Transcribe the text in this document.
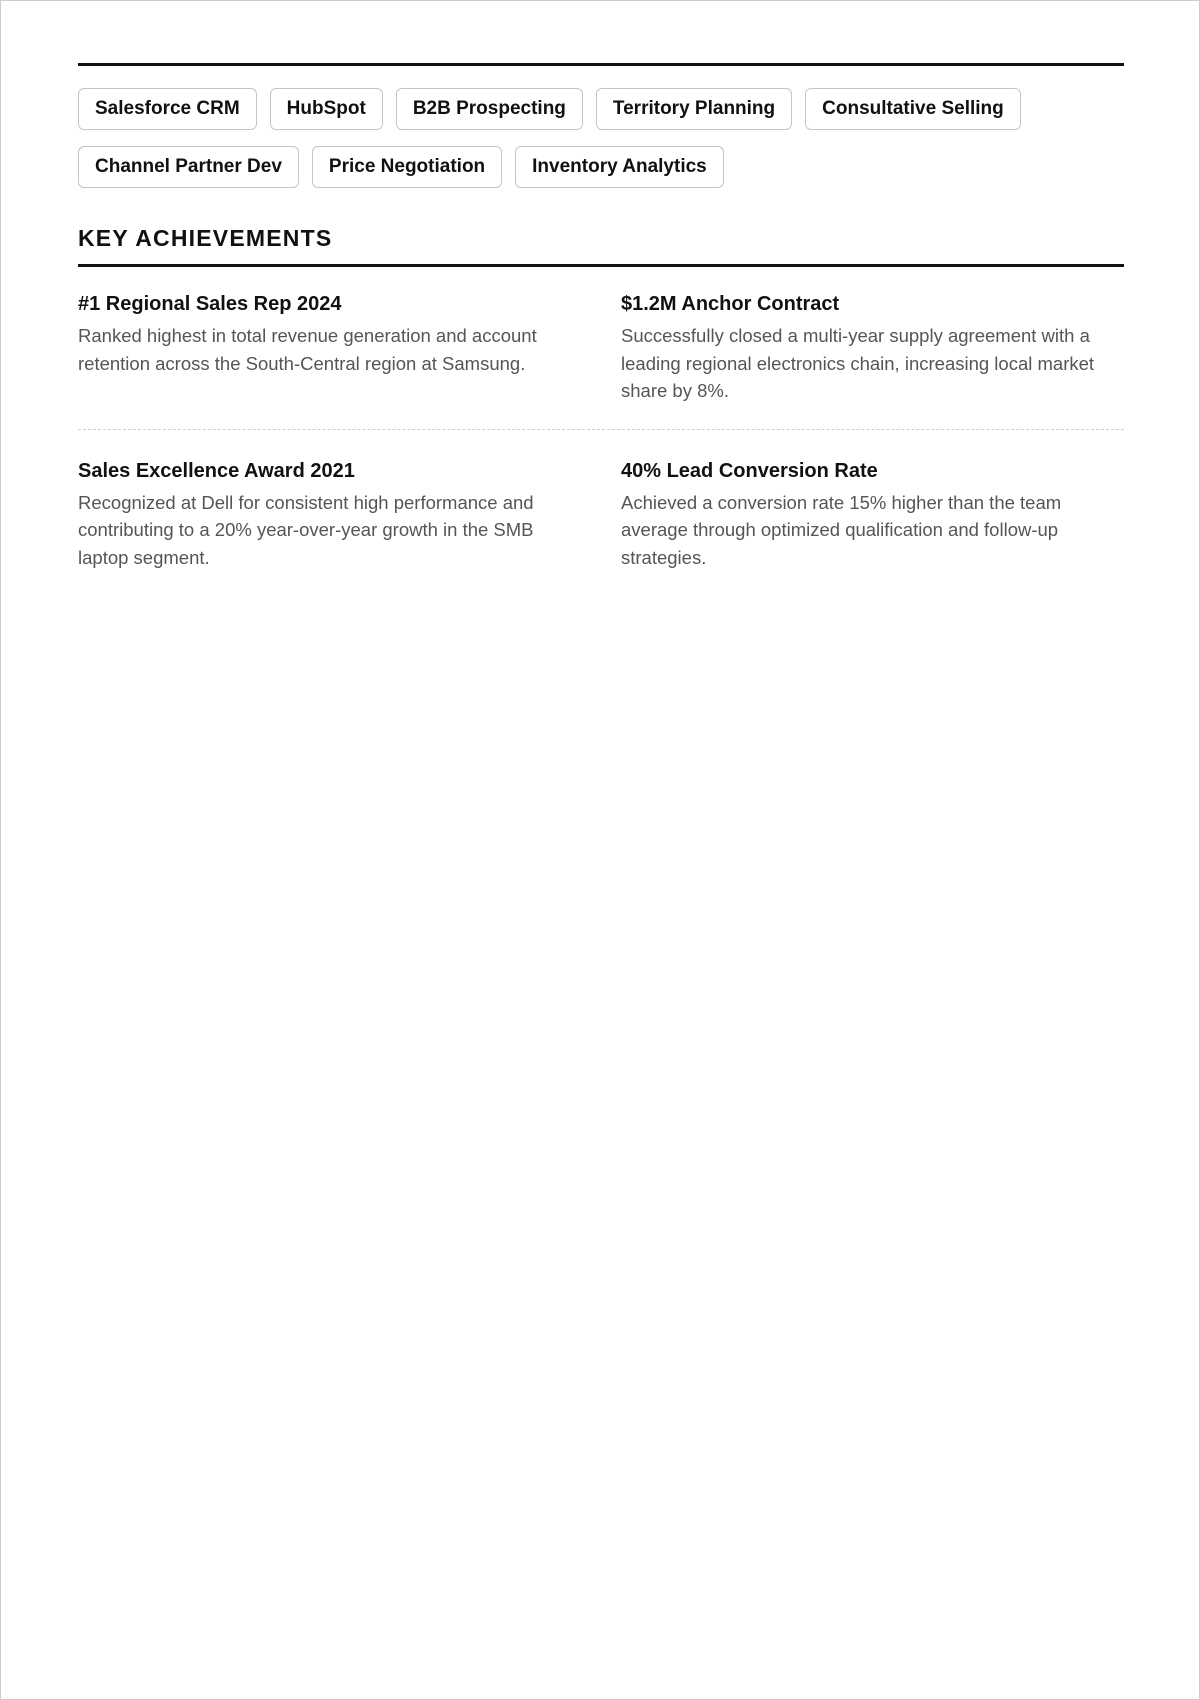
Salesforce CRM	HubSpot	B2B Prospecting	Territory Planning	Consultative Selling
Channel Partner Dev	Price Negotiation	Inventory Analytics
KEY ACHIEVEMENTS
#1 Regional Sales Rep 2024
Ranked highest in total revenue generation and account retention across the South-Central region at Samsung.
$1.2M Anchor Contract
Successfully closed a multi-year supply agreement with a leading regional electronics chain, increasing local market share by 8%.
Sales Excellence Award 2021
Recognized at Dell for consistent high performance and contributing to a 20% year-over-year growth in the SMB laptop segment.
40% Lead Conversion Rate
Achieved a conversion rate 15% higher than the team average through optimized qualification and follow-up strategies.
